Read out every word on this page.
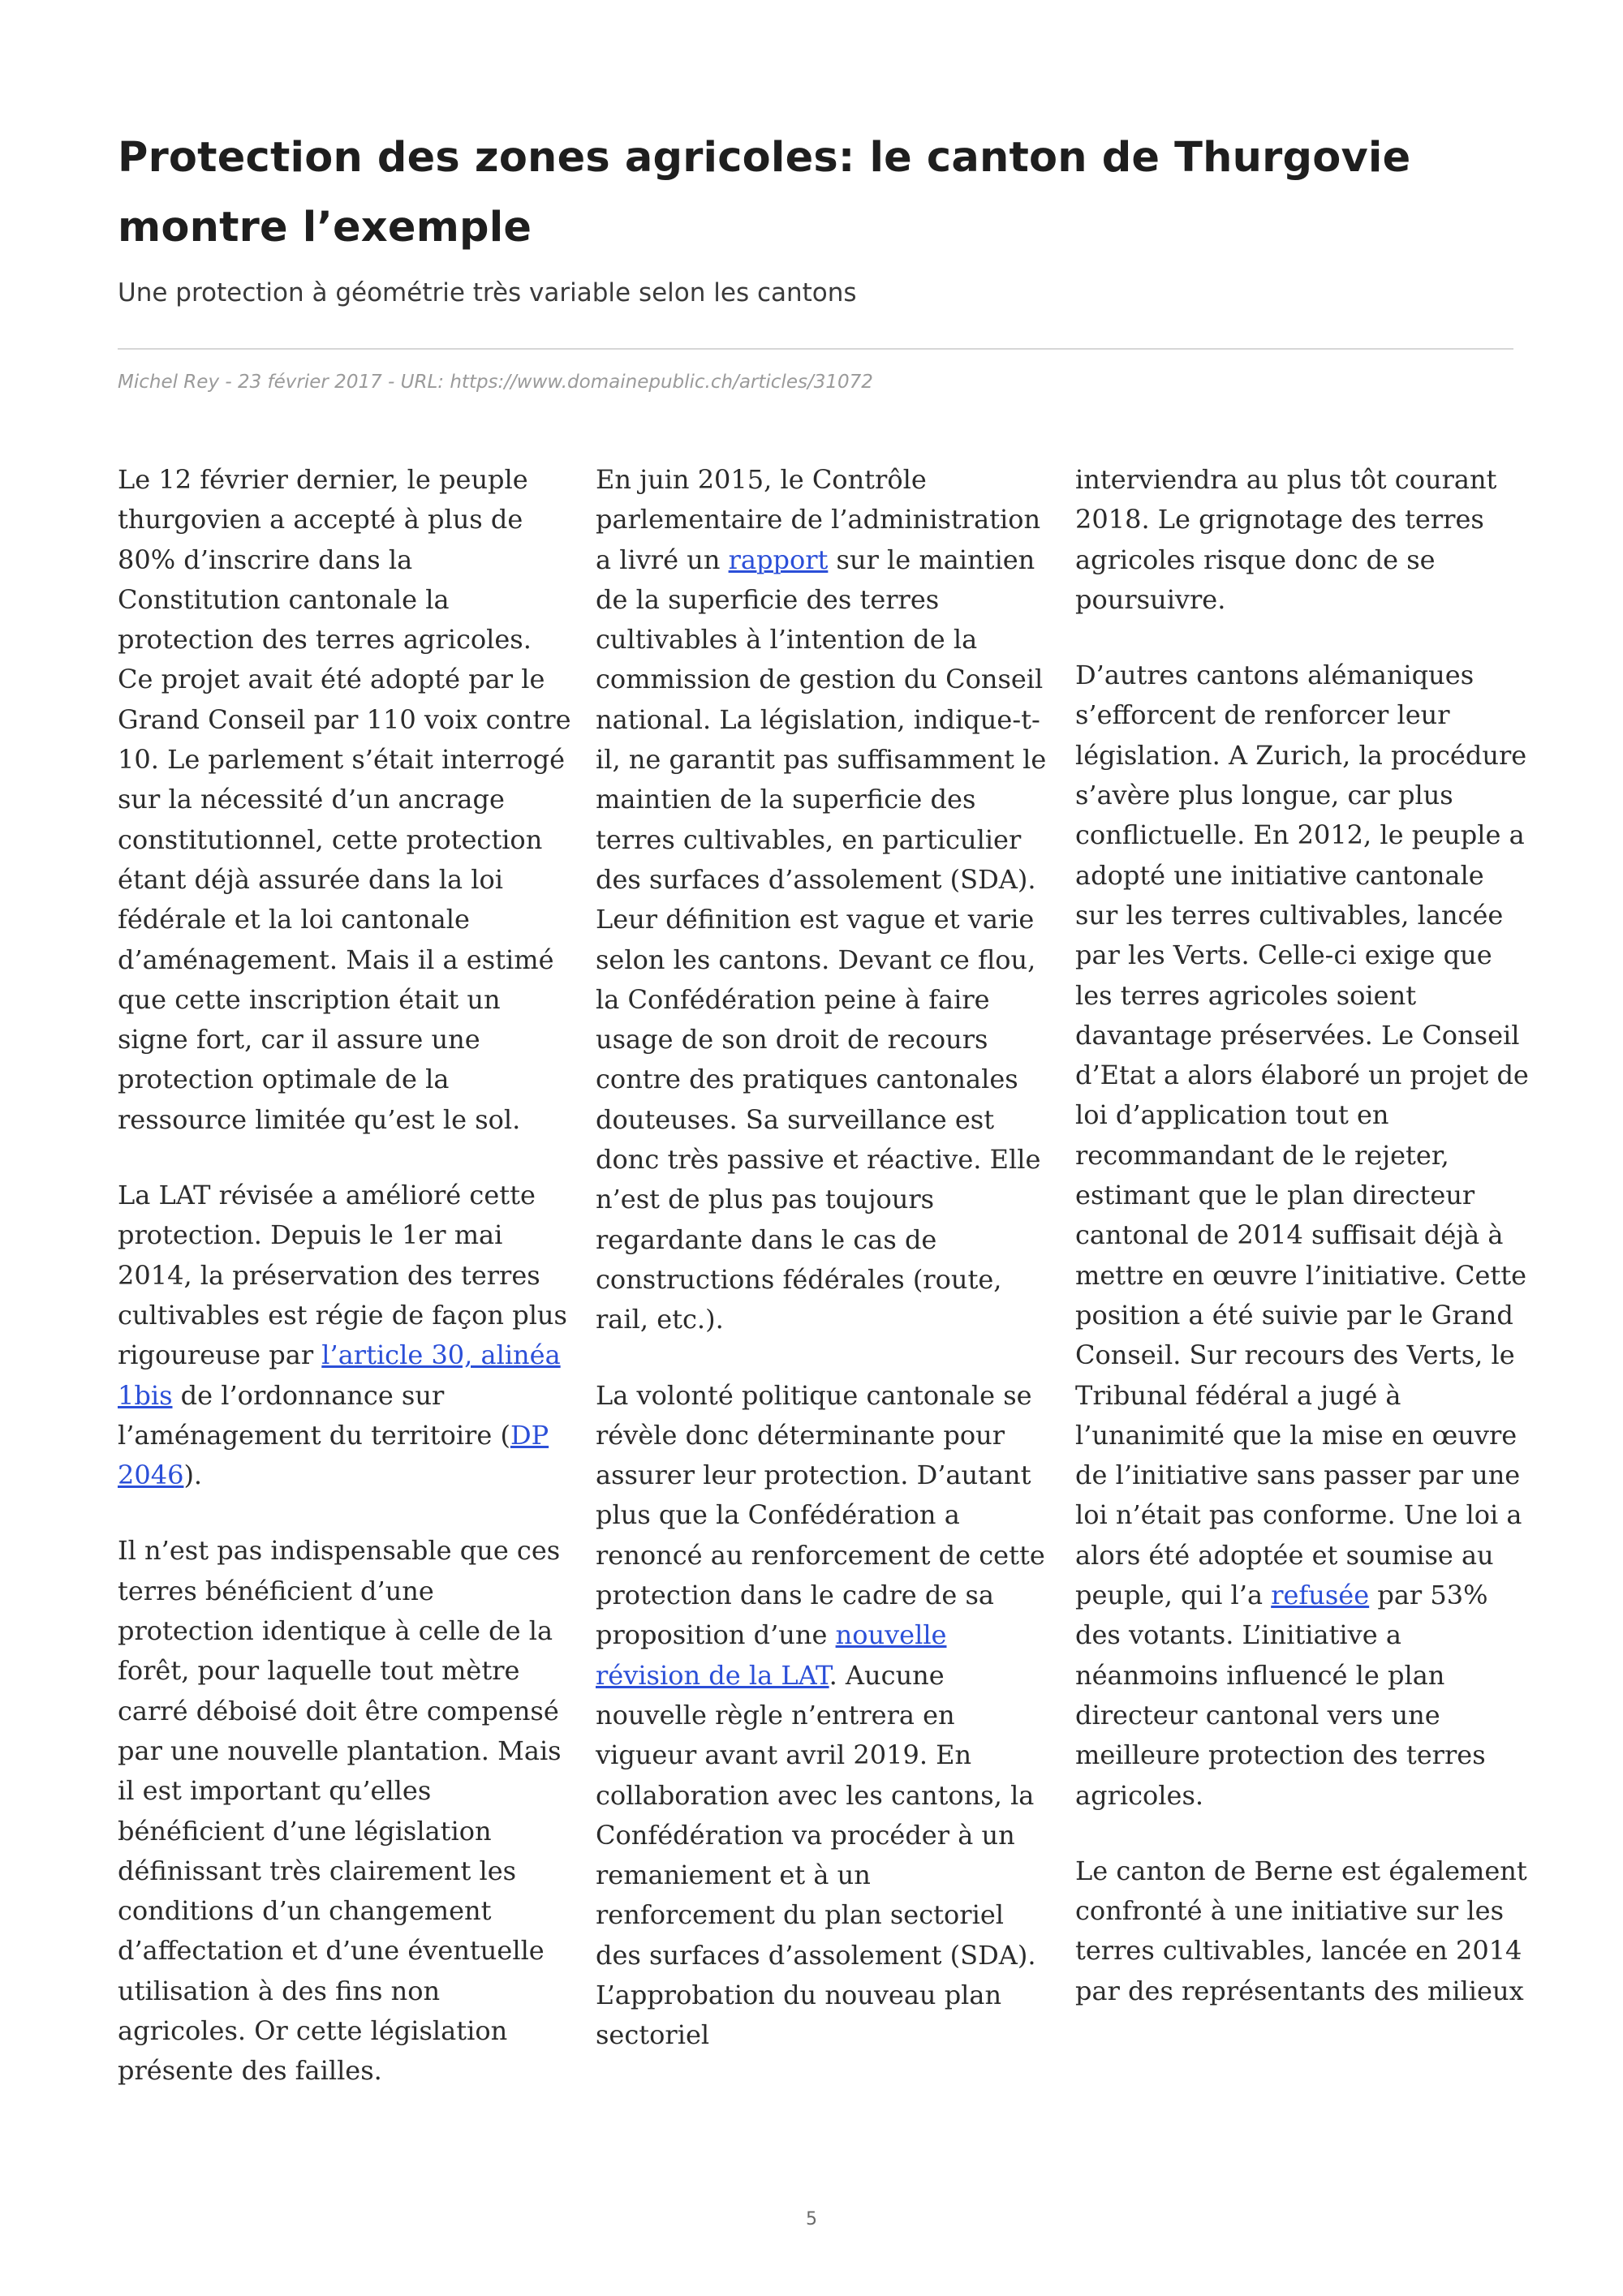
Protection des zones agricoles: le canton de Thurgovie montre l’exemple

Une protection à géométrie très variable selon les cantons

Michel Rey - 23 février 2017 - URL: https://www.domainepublic.ch/articles/31072

Le 12 février dernier, le peuple thurgovien a accepté à plus de 80% d’inscrire dans la Constitution cantonale la protection des terres agricoles. Ce projet avait été adopté par le Grand Conseil par 110 voix contre 10. Le parlement s’était interrogé sur la nécessité d’un ancrage constitutionnel, cette protection étant déjà assurée dans la loi fédérale et la loi cantonale d’aménagement. Mais il a estimé que cette inscription était un signe fort, car il assure une protection optimale de la ressource limitée qu’est le sol.

La LAT révisée a amélioré cette protection. Depuis le 1er mai 2014, la préservation des terres cultivables est régie de façon plus rigoureuse par l’article 30, alinéa 1bis de l’ordonnance sur l’aménagement du territoire (DP 2046).

Il n’est pas indispensable que ces terres bénéficient d’une protection identique à celle de la forêt, pour laquelle tout mètre carré déboisé doit être compensé par une nouvelle plantation. Mais il est important qu’elles bénéficient d’une législation définissant très clairement les conditions d’un changement d’affectation et d’une éventuelle utilisation à des fins non agricoles. Or cette législation présente des failles.

En juin 2015, le Contrôle parlementaire de l’administration a livré un rapport sur le maintien de la superficie des terres cultivables à l’intention de la commission de gestion du Conseil national. La législation, indique-t-il, ne garantit pas suffisamment le maintien de la superficie des terres cultivables, en particulier des surfaces d’assolement (SDA). Leur définition est vague et varie selon les cantons. Devant ce flou, la Confédération peine à faire usage de son droit de recours contre des pratiques cantonales douteuses. Sa surveillance est donc très passive et réactive. Elle n’est de plus pas toujours regardante dans le cas de constructions fédérales (route, rail, etc.).

La volonté politique cantonale se révèle donc déterminante pour assurer leur protection. D’autant plus que la Confédération a renoncé au renforcement de cette protection dans le cadre de sa proposition d’une nouvelle révision de la LAT. Aucune nouvelle règle n’entrera en vigueur avant avril 2019. En collaboration avec les cantons, la Confédération va procéder à un remaniement et à un renforcement du plan sectoriel des surfaces d’assolement (SDA). L’approbation du nouveau plan sectoriel

interviendra au plus tôt courant 2018. Le grignotage des terres agricoles risque donc de se poursuivre.

D’autres cantons alémaniques s’efforcent de renforcer leur législation. A Zurich, la procédure s’avère plus longue, car plus conflictuelle. En 2012, le peuple a adopté une initiative cantonale sur les terres cultivables, lancée par les Verts. Celle-ci exige que les terres agricoles soient davantage préservées. Le Conseil d’Etat a alors élaboré un projet de loi d’application tout en recommandant de le rejeter, estimant que le plan directeur cantonal de 2014 suffisait déjà à mettre en œuvre l’initiative. Cette position a été suivie par le Grand Conseil. Sur recours des Verts, le Tribunal fédéral a jugé à l’unanimité que la mise en œuvre de l’initiative sans passer par une loi n’était pas conforme. Une loi a alors été adoptée et soumise au peuple, qui l’a refusée par 53% des votants. L’initiative a néanmoins influencé le plan directeur cantonal vers une meilleure protection des terres agricoles.

Le canton de Berne est également confronté à une initiative sur les terres cultivables, lancée en 2014 par des représentants des milieux

5
